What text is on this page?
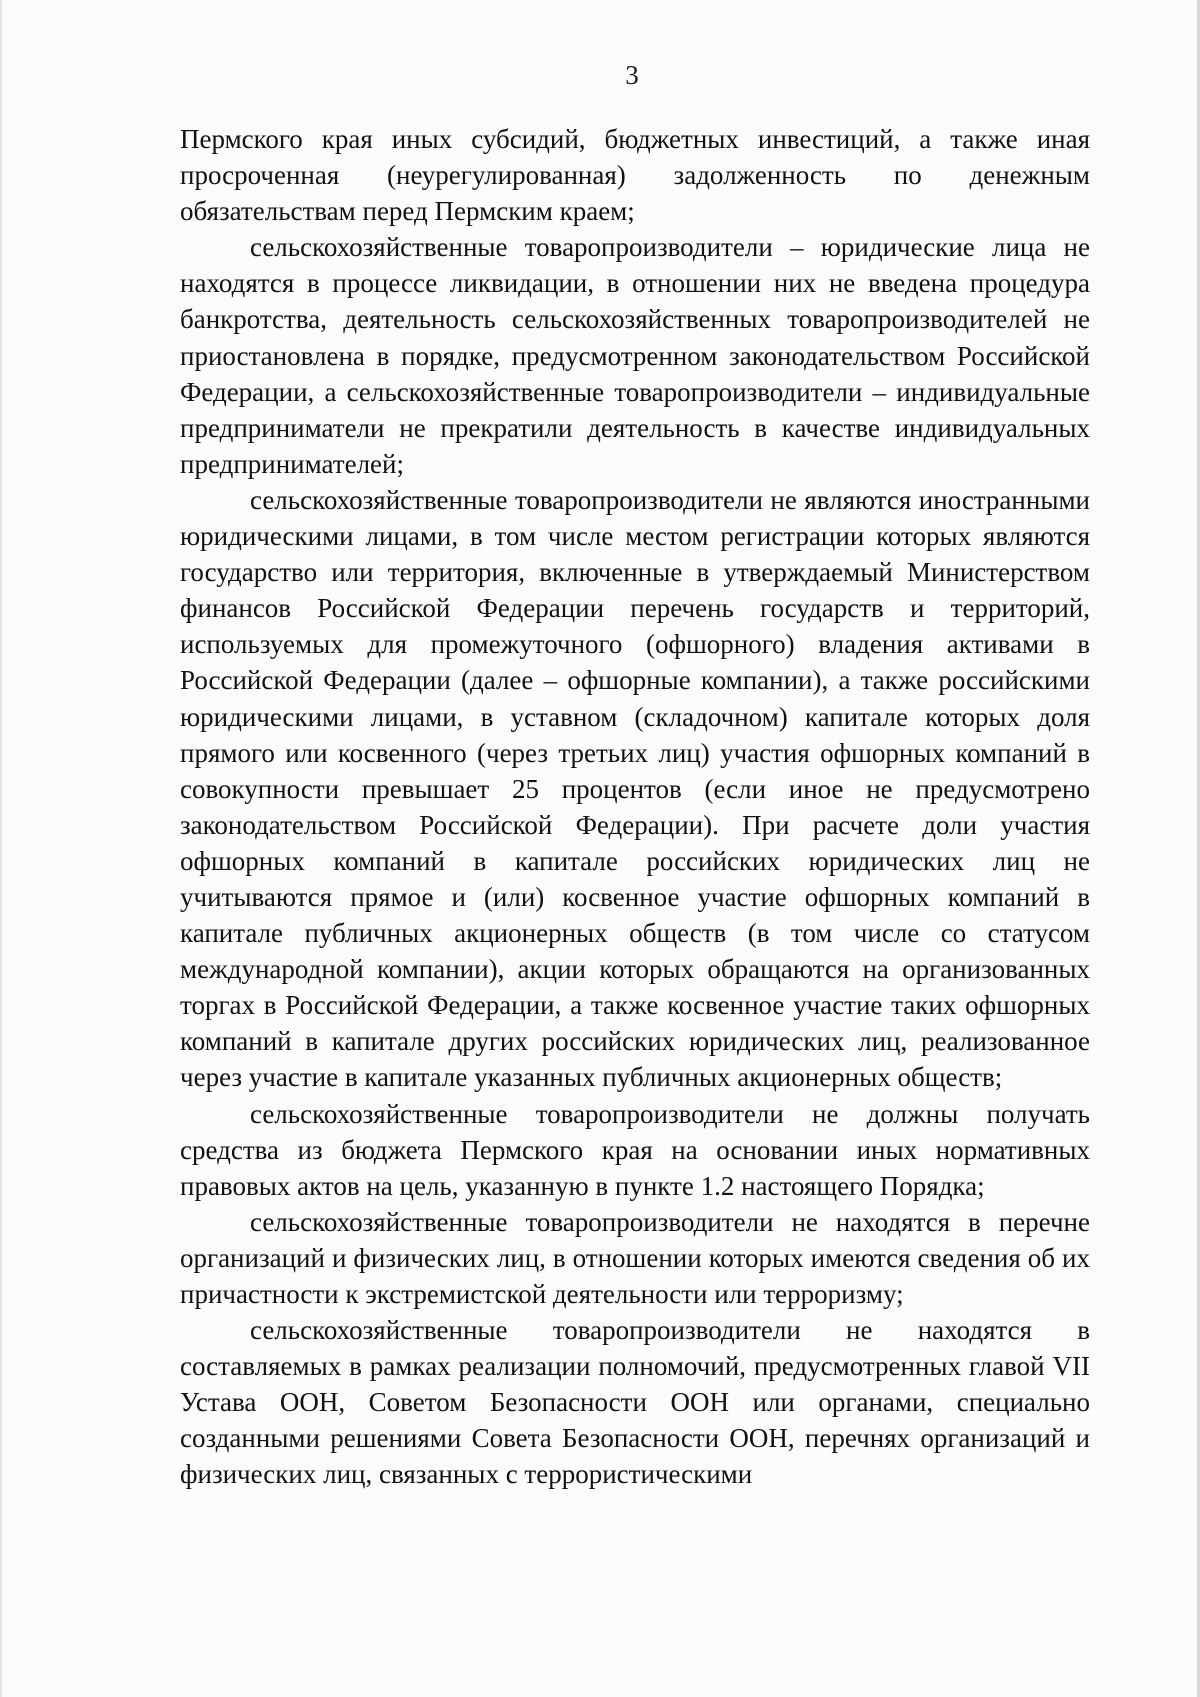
3

Пермского края иных субсидий, бюджетных инвестиций, а также иная просроченная (неурегулированная) задолженность по денежным обязательствам перед Пермским краем;

сельскохозяйственные товаропроизводители – юридические лица не находятся в процессе ликвидации, в отношении них не введена процедура банкротства, деятельность сельскохозяйственных товаропроизводителей не приостановлена в порядке, предусмотренном законодательством Российской Федерации, а сельскохозяйственные товаропроизводители – индивидуальные предприниматели не прекратили деятельность в качестве индивидуальных предпринимателей;

сельскохозяйственные товаропроизводители не являются иностранными юридическими лицами, в том числе местом регистрации которых являются государство или территория, включенные в утверждаемый Министерством финансов Российской Федерации перечень государств и территорий, используемых для промежуточного (офшорного) владения активами в Российской Федерации (далее – офшорные компании), а также российскими юридическими лицами, в уставном (складочном) капитале которых доля прямого или косвенного (через третьих лиц) участия офшорных компаний в совокупности превышает 25 процентов (если иное не предусмотрено законодательством Российской Федерации). При расчете доли участия офшорных компаний в капитале российских юридических лиц не учитываются прямое и (или) косвенное участие офшорных компаний в капитале публичных акционерных обществ (в том числе со статусом международной компании), акции которых обращаются на организованных торгах в Российской Федерации, а также косвенное участие таких офшорных компаний в капитале других российских юридических лиц, реализованное через участие в капитале указанных публичных акционерных обществ;

сельскохозяйственные товаропроизводители не должны получать средства из бюджета Пермского края на основании иных нормативных правовых актов на цель, указанную в пункте 1.2 настоящего Порядка;

сельскохозяйственные товаропроизводители не находятся в перечне организаций и физических лиц, в отношении которых имеются сведения об их причастности к экстремистской деятельности или терроризму;

сельскохозяйственные товаропроизводители не находятся в составляемых в рамках реализации полномочий, предусмотренных главой VII Устава ООН, Советом Безопасности ООН или органами, специально созданными решениями Совета Безопасности ООН, перечнях организаций и физических лиц, связанных с террористическими
